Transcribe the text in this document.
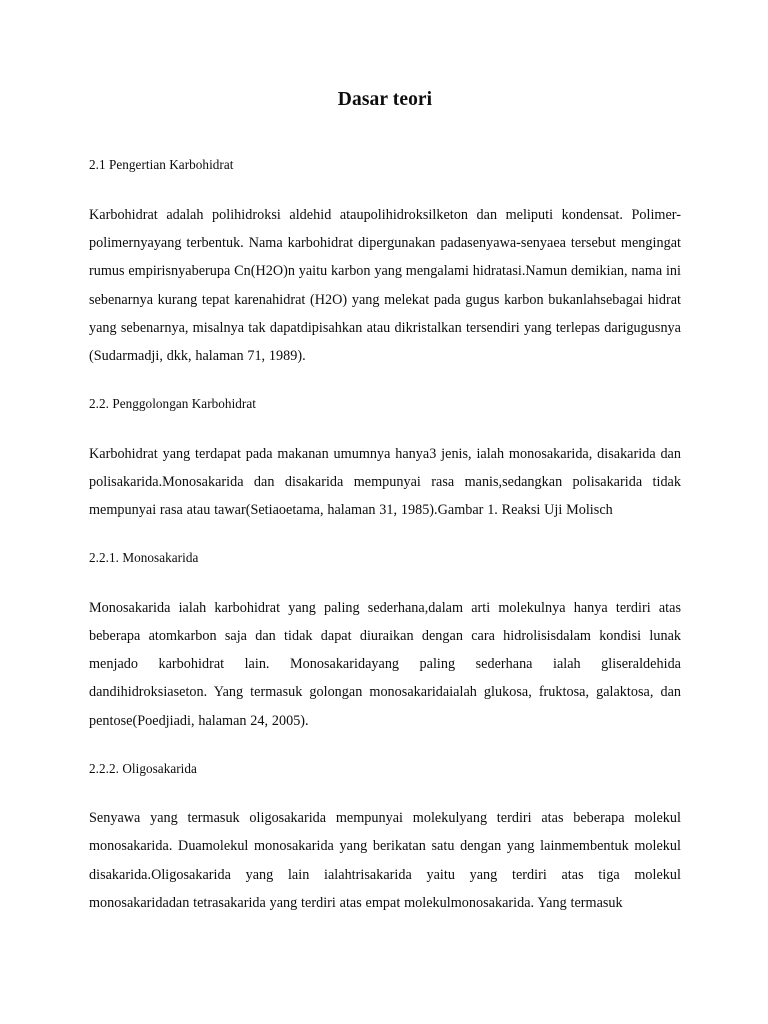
Dasar teori
2.1 Pengertian Karbohidrat

Karbohidrat adalah polihidroksi aldehid ataupolihidroksilketon dan meliputi kondensat. Polimer-polimernyayang terbentuk. Nama karbohidrat dipergunakan padasenyawa-senyaea tersebut mengingat rumus empirisnyaberupa Cn(H2O)n yaitu karbon yang mengalami hidratasi.Namun demikian, nama ini sebenarnya kurang tepat karenahidrat (H2O) yang melekat pada gugus karbon bukanlahsebagai hidrat yang sebenarnya, misalnya tak dapatdipisahkan atau dikristalkan tersendiri yang terlepas darigugusnya (Sudarmadji, dkk, halaman 71, 1989).

2.2. Penggolongan Karbohidrat

Karbohidrat yang terdapat pada makanan umumnya hanya3 jenis, ialah monosakarida, disakarida dan polisakarida.Monosakarida dan disakarida mempunyai rasa manis,sedangkan polisakarida tidak mempunyai rasa atau tawar(Setiaoetama, halaman 31, 1985).Gambar 1. Reaksi Uji Molisch

2.2.1. Monosakarida

Monosakarida ialah karbohidrat yang paling sederhana,dalam arti molekulnya hanya terdiri atas beberapa atomkarbon saja dan tidak dapat diuraikan dengan cara hidrolisisdalam kondisi lunak menjado karbohidrat lain. Monosakaridayang paling sederhana ialah gliseraldehida dandihidroksiaseton. Yang termasuk golongan monosakaridaialah glukosa, fruktosa, galaktosa, dan pentose(Poedjiadi, halaman 24, 2005).

2.2.2. Oligosakarida

Senyawa yang termasuk oligosakarida mempunyai molekulyang terdiri atas beberapa molekul monosakarida. Duamolekul monosakarida yang berikatan satu dengan yang lainmembentuk molekul disakarida.Oligosakarida yang lain ialahtrisakarida yaitu yang terdiri atas tiga molekul monosakaridadan tetrasakarida yang terdiri atas empat molekulmonosakarida. Yang termasuk
